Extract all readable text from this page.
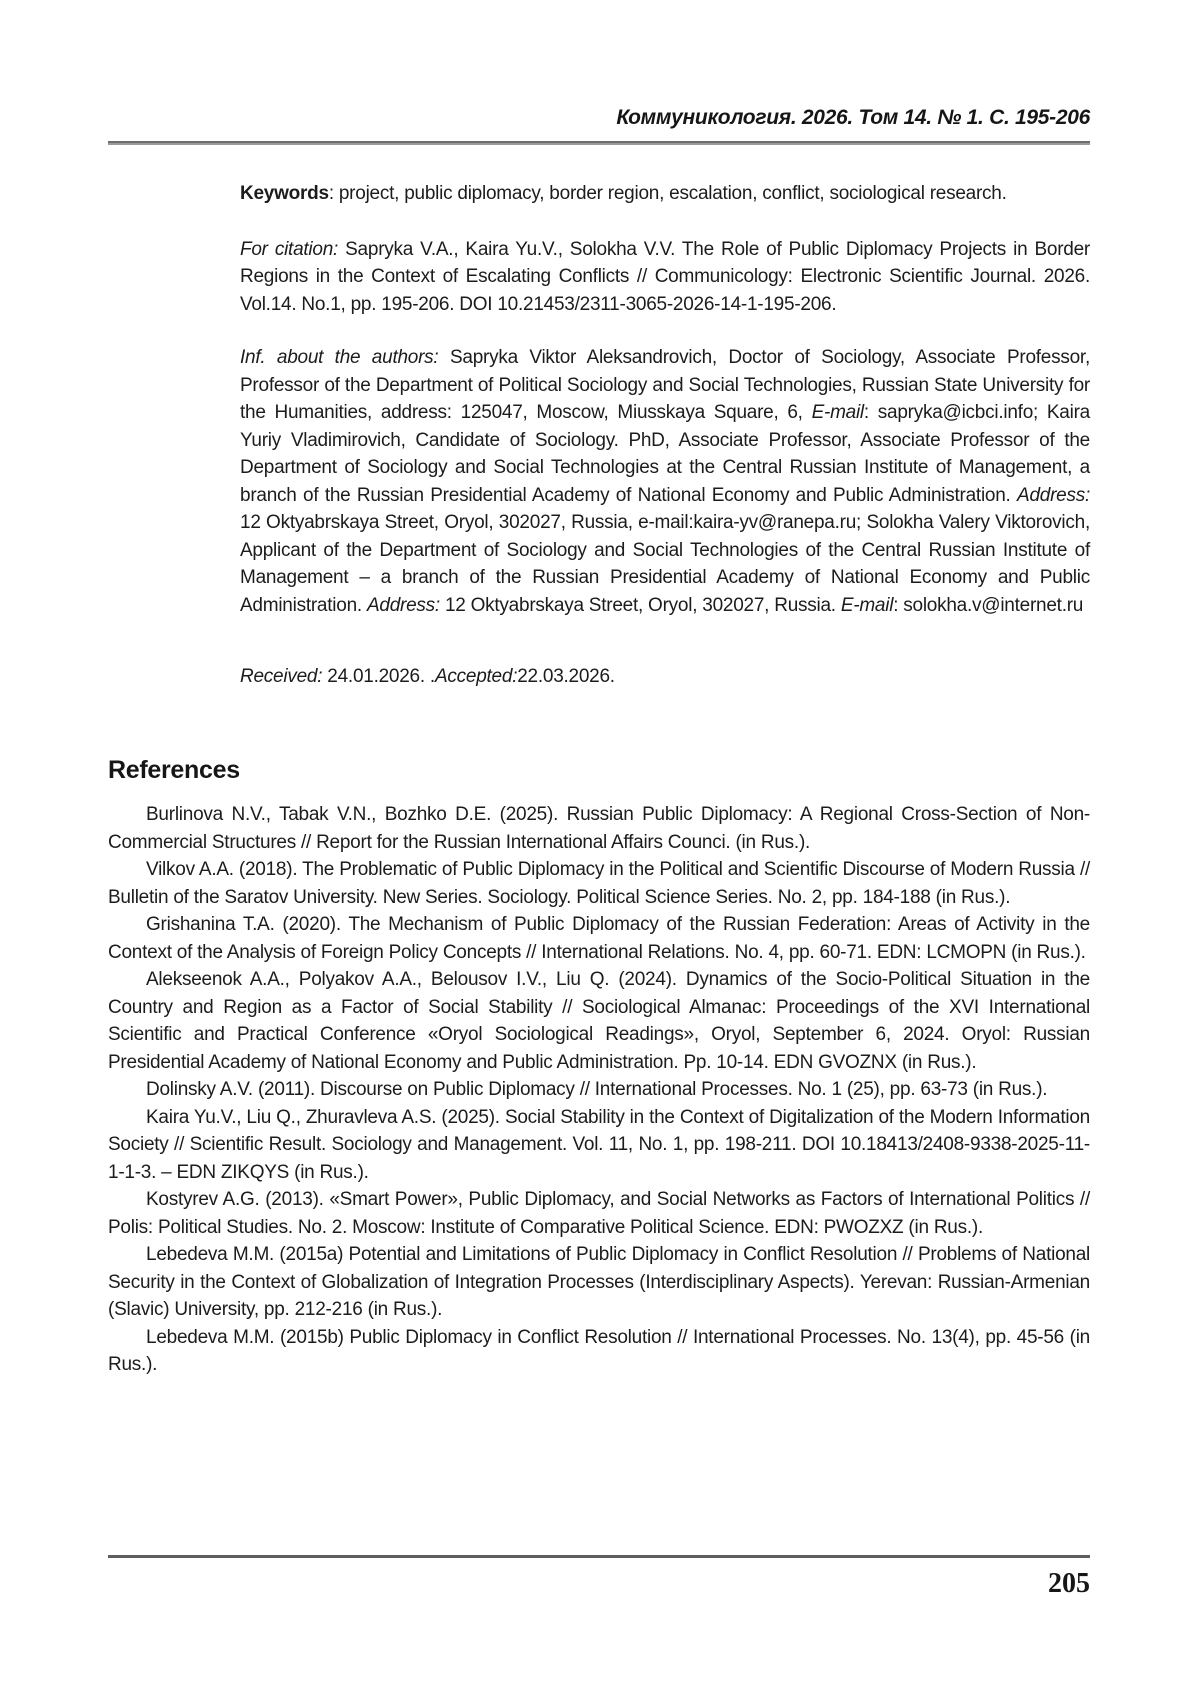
Коммуникология. 2026. Том 14. № 1. С. 195-206

Keywords: project, public diplomacy, border region, escalation, conflict, sociological research.

For citation: Sapryka V.A., Kaira Yu.V., Solokha V.V. The Role of Public Diplomacy Projects in Border Regions in the Context of Escalating Conflicts // Communicology: Electronic Scientific Journal. 2026. Vol.14. No.1, pp. 195-206. DOI 10.21453/2311-3065-2026-14-1-195-206.

Inf. about the authors: Sapryka Viktor Aleksandrovich, Doctor of Sociology, Associate Professor, Professor of the Department of Political Sociology and Social Technologies, Russian State University for the Humanities, address: 125047, Moscow, Miusskaya Square, 6, E-mail: sapryka@icbci.info; Kaira Yuriy Vladimirovich, Candidate of Sociology. PhD, Associate Professor, Associate Professor of the Department of Sociology and Social Technologies at the Central Russian Institute of Management, a branch of the Russian Presidential Academy of National Economy and Public Administration. Address: 12 Oktyabrskaya Street, Oryol, 302027, Russia, e-mail:kaira-yv@ranepa.ru; Solokha Valery Viktorovich, Applicant of the Department of Sociology and Social Technologies of the Central Russian Institute of Management – a branch of the Russian Presidential Academy of National Economy and Public Administration. Address: 12 Oktyabrskaya Street, Oryol, 302027, Russia. E-mail: solokha.v@internet.ru

Received: 24.01.2026. .Accepted:22.03.2026.

References

Burlinova N.V., Tabak V.N., Bozhko D.E. (2025). Russian Public Diplomacy: A Regional Cross-Section of Non-Commercial Structures // Report for the Russian International Affairs Counci. (in Rus.).

Vilkov A.A. (2018). The Problematic of Public Diplomacy in the Political and Scientific Discourse of Modern Russia // Bulletin of the Saratov University. New Series. Sociology. Political Science Series. No. 2, pp. 184-188 (in Rus.).

Grishanina T.A. (2020). The Mechanism of Public Diplomacy of the Russian Federation: Areas of Activity in the Context of the Analysis of Foreign Policy Concepts // International Relations. No. 4, pp. 60-71. EDN: LCMOPN (in Rus.).

Alekseenok A.A., Polyakov A.A., Belousov I.V., Liu Q. (2024). Dynamics of the Socio-Political Situation in the Country and Region as a Factor of Social Stability // Sociological Almanac: Proceedings of the XVI International Scientific and Practical Conference «Oryol Sociological Readings», Oryol, September 6, 2024. Oryol: Russian Presidential Academy of National Economy and Public Administration. Pp. 10-14. EDN GVOZNX (in Rus.).

Dolinsky A.V. (2011). Discourse on Public Diplomacy // International Processes. No. 1 (25), pp. 63-73 (in Rus.).

Kaira Yu.V., Liu Q., Zhuravleva A.S. (2025). Social Stability in the Context of Digitalization of the Modern Information Society // Scientific Result. Sociology and Management. Vol. 11, No. 1, pp. 198-211. DOI 10.18413/2408-9338-2025-11-1-1-3. – EDN ZIKQYS (in Rus.).

Kostyrev A.G. (2013). «Smart Power», Public Diplomacy, and Social Networks as Factors of International Politics // Polis: Political Studies. No. 2. Moscow: Institute of Comparative Political Science. EDN: PWOZXZ (in Rus.).

Lebedeva M.M. (2015a) Potential and Limitations of Public Diplomacy in Conflict Resolution // Problems of National Security in the Context of Globalization of Integration Processes (Interdisciplinary Aspects). Yerevan: Russian-Armenian (Slavic) University, pp. 212-216 (in Rus.).

Lebedeva M.M. (2015b) Public Diplomacy in Conflict Resolution // International Processes. No. 13(4), pp. 45-56 (in Rus.).

205
